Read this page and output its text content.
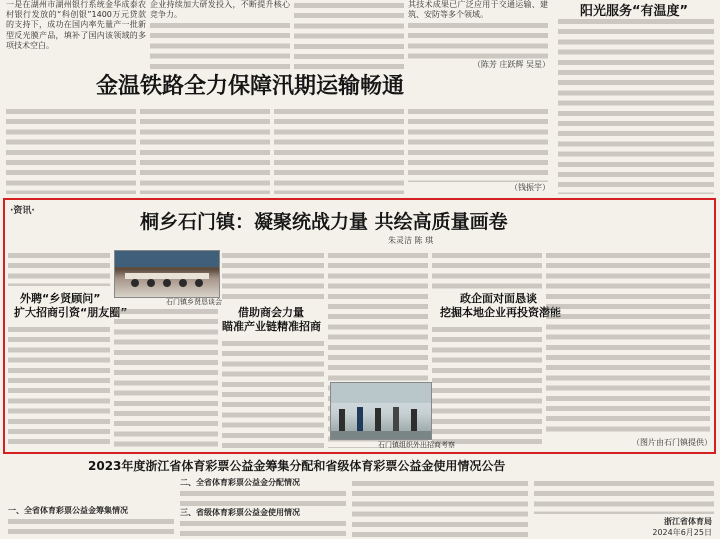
一是在湖州市湖州银行系统金华成泰农村银行发放的“科创银”1400万元贷款的支持下，成功在国内率先量产一批新型反光膜产品，填补了国内该领域的多项技术空白。
企业持续加大研发投入，不断提升核心竞争力。
其技术成果已广泛应用于交通运输、建筑、安防等多个领域。	阳光服务“有温度”
金温铁路全力保障汛期运输畅通
（陈芳 庄跃辉 吴星）
（钱振宇）
·资讯·	桐乡石门镇：凝聚统战力量 共绘高质量画卷
朱灵洁 陈 琪
外聘“乡贤顾问”
扩大招商引资“朋友圈”
石门镇乡贤恳谈会
借助商会力量
瞄准产业链精准招商
政企面对面恳谈
挖掘本地企业再投资潜能
石门镇组织外出招商考察	（图片由石门镇提供）
2023年度浙江省体育彩票公益金筹集分配和省级体育彩票公益金使用情况公告
一、全省体育彩票公益金筹集情况
二、全省体育彩票公益金分配情况
三、省级体育彩票公益金使用情况
浙江省体育局
2024年6月25日
